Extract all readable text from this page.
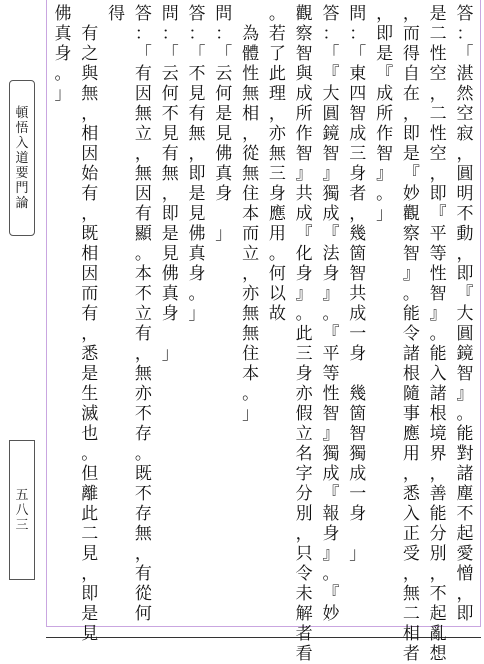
頓
悟
入
道
要
門
論
五
八
三
答
：
「
湛
然
空
寂
，
圓
明
不
動
，
即
『
大
圓
鏡
智
』
。
能
對
諸
塵
不
起
愛
憎
，
即
是
二
性
空
，
二
性
空
，
即
『
平
等
性
智
』
。
能
入
諸
根
境
界
，
善
能
分
別
，
不
起
亂
想
，
而
得
自
在
，
即
是
『
妙
觀
察
智
』
。
能
令
諸
根
隨
事
應
用
，
悉
入
正
受
，
無
二
相
者
，
即
是
『
成
所
作
智
』
。
」
問
：
「
東
四
智
成
三
身
者
，
幾
箇
智
共
成
一
身

幾
箇
智
獨
成
一
身

」
答
：
「
『
大
圓
鏡
智
』
獨
成
『
法
身
』
。
『
平
等
性
智
』
獨
成
『
報
身
』
。
『
妙
觀
察
智
與
成
所
作
智
』
共
成
『
化
身
』
。
此
三
身
亦
假
立
名
字
分
別
，
只
令
未
解
者
看
。
若
了
此
理
，
亦
無
三
身
應
用
。
何
以
故

為
體
性
無
相
，
從
無
住
本
而
立
，
亦
無
無
住
本
。
」
問
：
「
云
何
是
見
佛
真
身

」
答
：
「
不
見
有
無
，
即
是
見
佛
真
身
。
」
問
：
「
云
何
不
見
有
無
，
即
是
見
佛
真
身

」
答
：
「
有
因
無
立
，
無
因
有
顯
。
本
不
立
有
，
無
亦
不
存
。
既
不
存
無
，
有
從
何
得

有
之
與
無
，
相
因
始
有
，
既
相
因
而
有
，
悉
是
生
滅
也
。
但
離
此
二
見
，
即
是
見
佛
真
身
。
」
